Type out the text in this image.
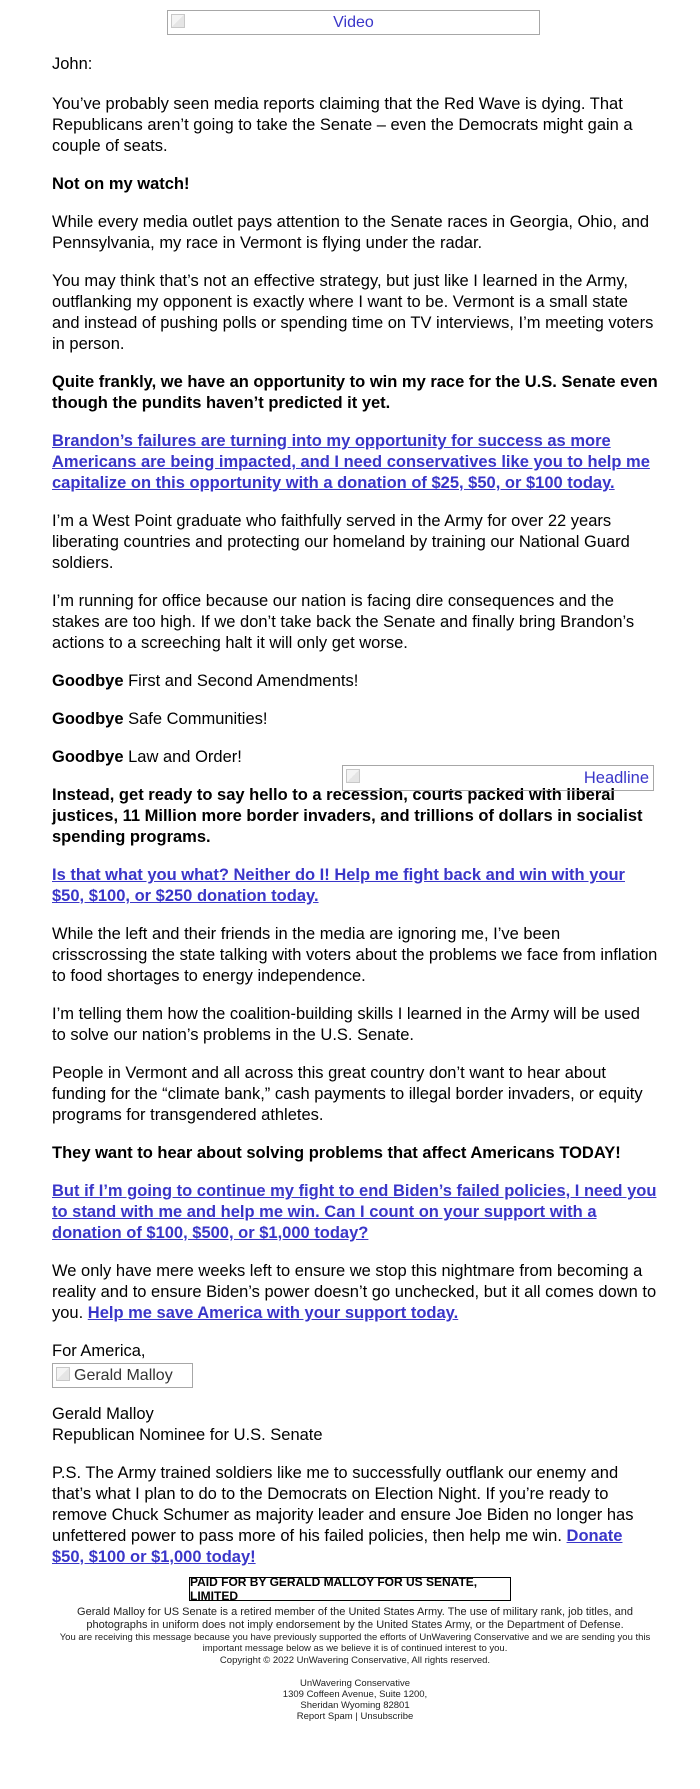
Video
Headline

John:

You’ve probably seen media reports claiming that the Red Wave is dying. That Republicans aren’t going to take the Senate – even the Democrats might gain a couple of seats.

Not on my watch!

While every media outlet pays attention to the Senate races in Georgia, Ohio, and Pennsylvania, my race in Vermont is flying under the radar.

You may think that’s not an effective strategy, but just like I learned in the Army, outflanking my opponent is exactly where I want to be. Vermont is a small state and instead of pushing polls or spending time on TV interviews, I’m meeting voters in person.

Quite frankly, we have an opportunity to win my race for the U.S. Senate even though the pundits haven’t predicted it yet.

Brandon’s failures are turning into my opportunity for success as more Americans are being impacted, and I need conservatives like you to help me capitalize on this opportunity with a donation of $25, $50, or $100 today.

I’m a West Point graduate who faithfully served in the Army for over 22 years liberating countries and protecting our homeland by training our National Guard soldiers.

I’m running for office because our nation is facing dire consequences and the stakes are too high. If we don’t take back the Senate and finally bring Brandon’s actions to a screeching halt it will only get worse.

Goodbye First and Second Amendments!

Goodbye Safe Communities!

Goodbye Law and Order!

Instead, get ready to say hello to a recession, courts packed with liberal justices, 11 Million more border invaders, and trillions of dollars in socialist spending programs.

Is that what you what? Neither do I! Help me fight back and win with your $50, $100, or $250 donation today.

While the left and their friends in the media are ignoring me, I’ve been crisscrossing the state talking with voters about the problems we face from inflation to food shortages to energy independence.

I’m telling them how the coalition-building skills I learned in the Army will be used to solve our nation’s problems in the U.S. Senate.

People in Vermont and all across this great country don’t want to hear about funding for the “climate bank,” cash payments to illegal border invaders, or equity programs for transgendered athletes.

They want to hear about solving problems that affect Americans TODAY!

But if I’m going to continue my fight to end Biden’s failed policies, I need you to stand with me and help me win. Can I count on your support with a donation of $100, $500, or $1,000 today?

We only have mere weeks left to ensure we stop this nightmare from becoming a reality and to ensure Biden’s power doesn’t go unchecked, but it all comes down to you. Help me save America with your support today.

For America,

Gerald Malloy

Gerald Malloy

Republican Nominee for U.S. Senate

P.S. The Army trained soldiers like me to successfully outflank our enemy and that’s what I plan to do to the Democrats on Election Night. If you’re ready to remove Chuck Schumer as majority leader and ensure Joe Biden no longer has unfettered power to pass more of his failed policies, then help me win. Donate $50, $100 or $1,000 today!

PAID FOR BY GERALD MALLOY FOR US SENATE, LIMITED

Gerald Malloy for US Senate is a retired member of the United States Army. The use of military rank, job titles, and photographs in uniform does not imply endorsement by the United States Army, or the Department of Defense.

You are receiving this message because you have previously supported the efforts of UnWavering Conservative and we are sending you this important message below as we believe it is of continued interest to you.

Copyright © 2022 UnWavering Conservative, All rights reserved.

UnWavering Conservative

1309 Coffeen Avenue, Suite 1200,

Sheridan Wyoming 82801

Report Spam | Unsubscribe
